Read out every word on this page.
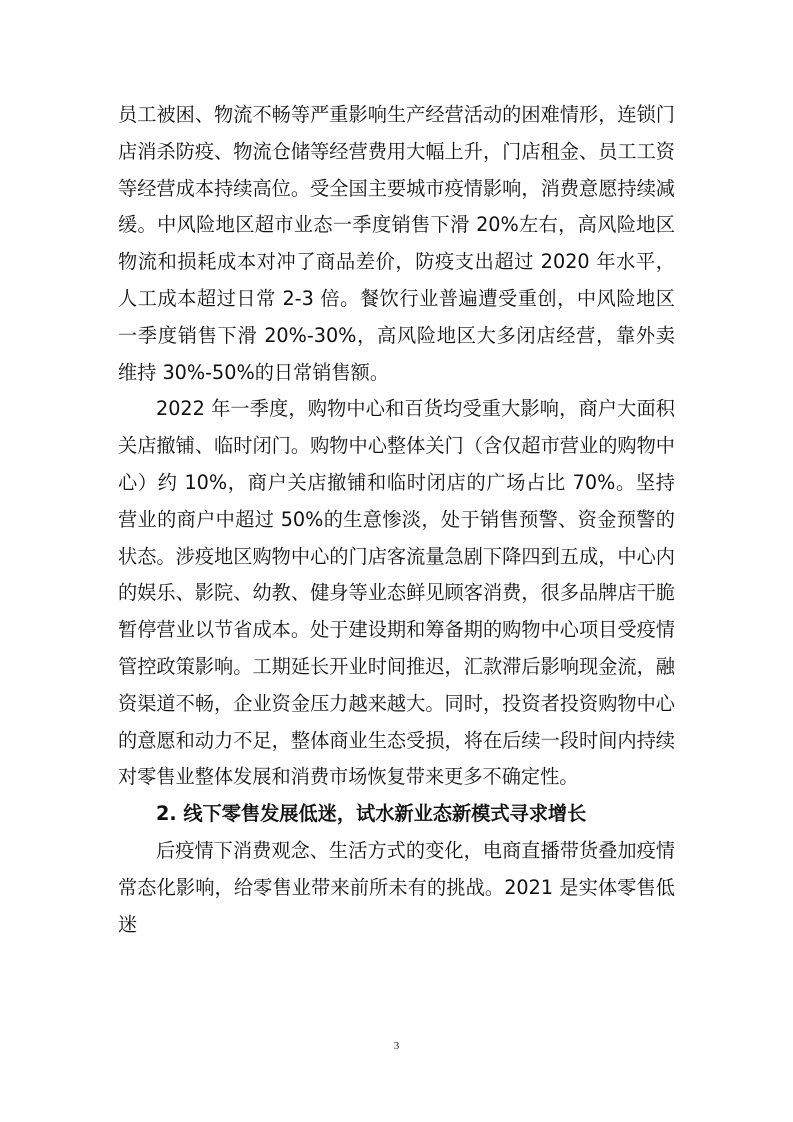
员工被困、物流不畅等严重影响生产经营活动的困难情形，连锁门店消杀防疫、物流仓储等经营费用大幅上升，门店租金、员工工资等经营成本持续高位。受全国主要城市疫情影响，消费意愿持续减缓。中风险地区超市业态一季度销售下滑 20%左右，高风险地区物流和损耗成本对冲了商品差价，防疫支出超过 2020 年水平，人工成本超过日常 2-3 倍。餐饮行业普遍遭受重创，中风险地区一季度销售下滑 20%-30%，高风险地区大多闭店经营，靠外卖维持 30%-50%的日常销售额。

2022 年一季度，购物中心和百货均受重大影响，商户大面积关店撤铺、临时闭门。购物中心整体关门（含仅超市营业的购物中心）约 10%，商户关店撤铺和临时闭店的广场占比 70%。坚持营业的商户中超过 50%的生意惨淡，处于销售预警、资金预警的状态。涉疫地区购物中心的门店客流量急剧下降四到五成，中心内的娱乐、影院、幼教、健身等业态鲜见顾客消费，很多品牌店干脆暂停营业以节省成本。处于建设期和筹备期的购物中心项目受疫情管控政策影响。工期延长开业时间推迟，汇款滞后影响现金流，融资渠道不畅，企业资金压力越来越大。同时，投资者投资购物中心的意愿和动力不足，整体商业生态受损，将在后续一段时间内持续对零售业整体发展和消费市场恢复带来更多不确定性。

2. 线下零售发展低迷，试水新业态新模式寻求增长

后疫情下消费观念、生活方式的变化，电商直播带货叠加疫情常态化影响，给零售业带来前所未有的挑战。2021 是实体零售低迷

3
